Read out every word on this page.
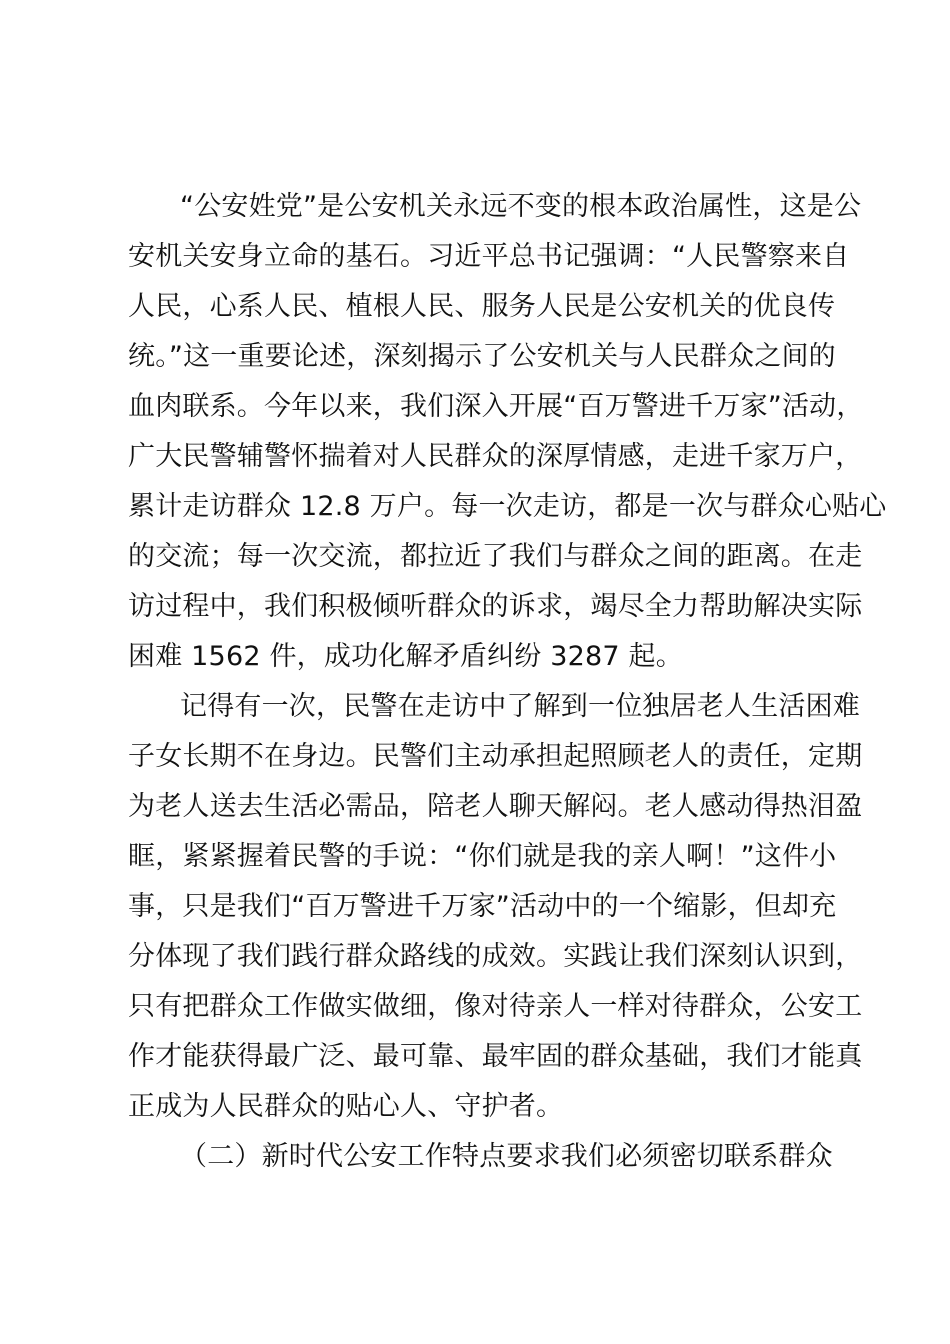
“公安姓党”是公安机关永远不变的根本政治属性，这是公
安机关安身立命的基石。习近平总书记强调：“人民警察来自
人民，心系人民、植根人民、服务人民是公安机关的优良传
统。”这一重要论述，深刻揭示了公安机关与人民群众之间的
血肉联系。今年以来，我们深入开展“百万警进千万家”活动，
广大民警辅警怀揣着对人民群众的深厚情感，走进千家万户，
累计走访群众 12.8 万户。每一次走访，都是一次与群众心贴心
的交流；每一次交流，都拉近了我们与群众之间的距离。在走
访过程中，我们积极倾听群众的诉求，竭尽全力帮助解决实际
困难 1562 件，成功化解矛盾纠纷 3287 起。
记得有一次，民警在走访中了解到一位独居老人生活困难
子女长期不在身边。民警们主动承担起照顾老人的责任，定期
为老人送去生活必需品，陪老人聊天解闷。老人感动得热泪盈
眶，紧紧握着民警的手说：“你们就是我的亲人啊！”这件小
事，只是我们“百万警进千万家”活动中的一个缩影，但却充
分体现了我们践行群众路线的成效。实践让我们深刻认识到，
只有把群众工作做实做细，像对待亲人一样对待群众，公安工
作才能获得最广泛、最可靠、最牢固的群众基础，我们才能真
正成为人民群众的贴心人、守护者。
（二）新时代公安工作特点要求我们必须密切联系群众
